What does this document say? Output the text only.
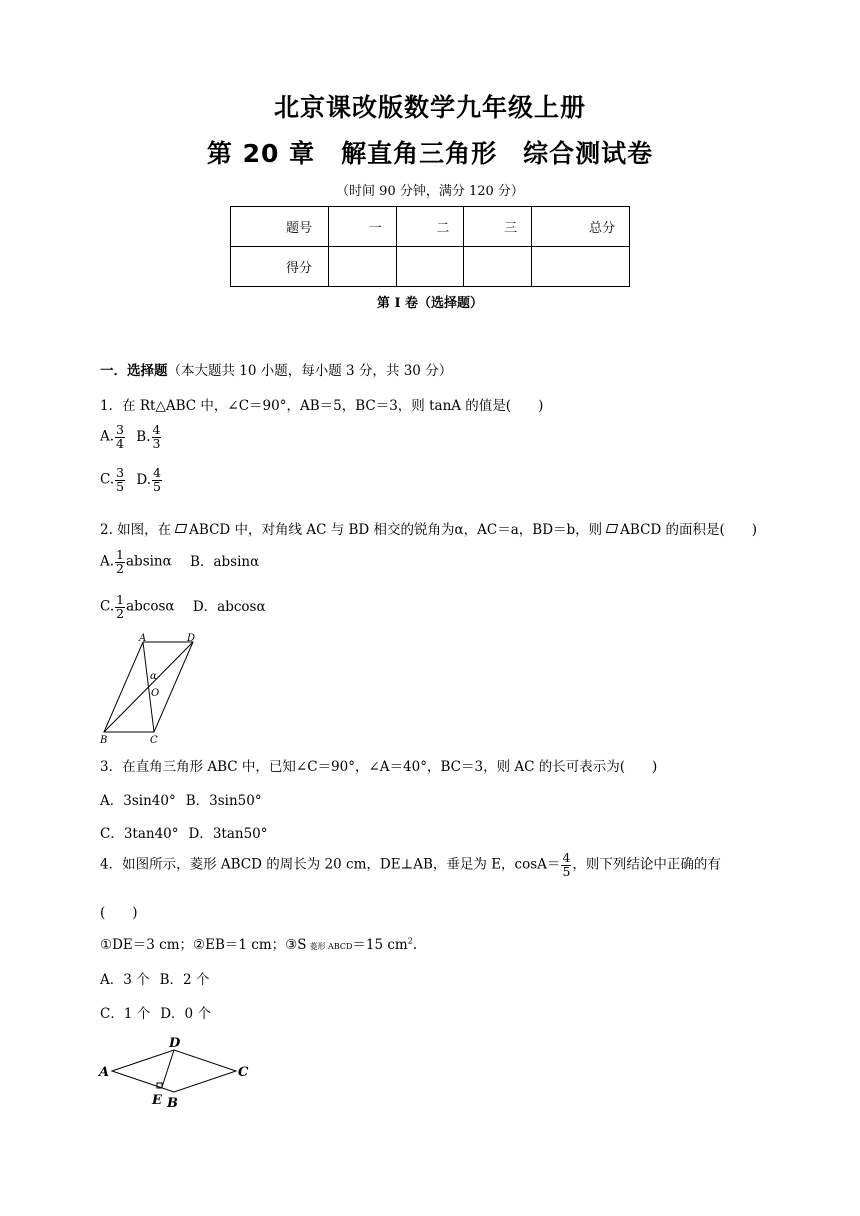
北京课改版数学九年级上册
第 20 章　解直角三角形　综合测试卷
（时间 90 分钟，满分 120 分）
题号	一	二	三	总分
得分				
第 I 卷（选择题）
一．选择题（本大题共 10 小题，每小题 3 分，共 30 分）
1．在 Rt△ABC 中，∠C＝90°，AB＝5，BC＝3，则 tanA 的值是(　　)
A. $\frac{3}{4} B$. $\frac{4}{3}$
C. $\frac{3}{5} D$. $\frac{4}{5}$
2. 如图，在 ABCD 中，对角线 AC 与 BD 相交的锐角为α，AC＝a，BD＝b，则 ABCD 的面积是(　　)
A. $\frac{1}{2}$ absinα B．absinα
C. $\frac{1}{2}$ abcosα D．abcosα
A	D
B	C
O
α
3．在直角三角形 ABC 中，已知∠C＝90°，∠A＝40°，BC＝3，则 AC 的长可表示为(　　)
A．3sin40° B．3sin50°
C．3tan40° D．3tan50°
4．如图所示，菱形 ABCD 的周长为 20 cm，DE⊥AB，垂足为 E，$\cos A= \frac{4}{5}$ ，则下列结论中正确的有
(　　)
①DE＝3 cm；②EB＝1 cm；③S 菱形 ABCD＝15 $cm^2$.
A．3 个 B．2 个
C．1 个 D．0 个
A
D
C
E B
